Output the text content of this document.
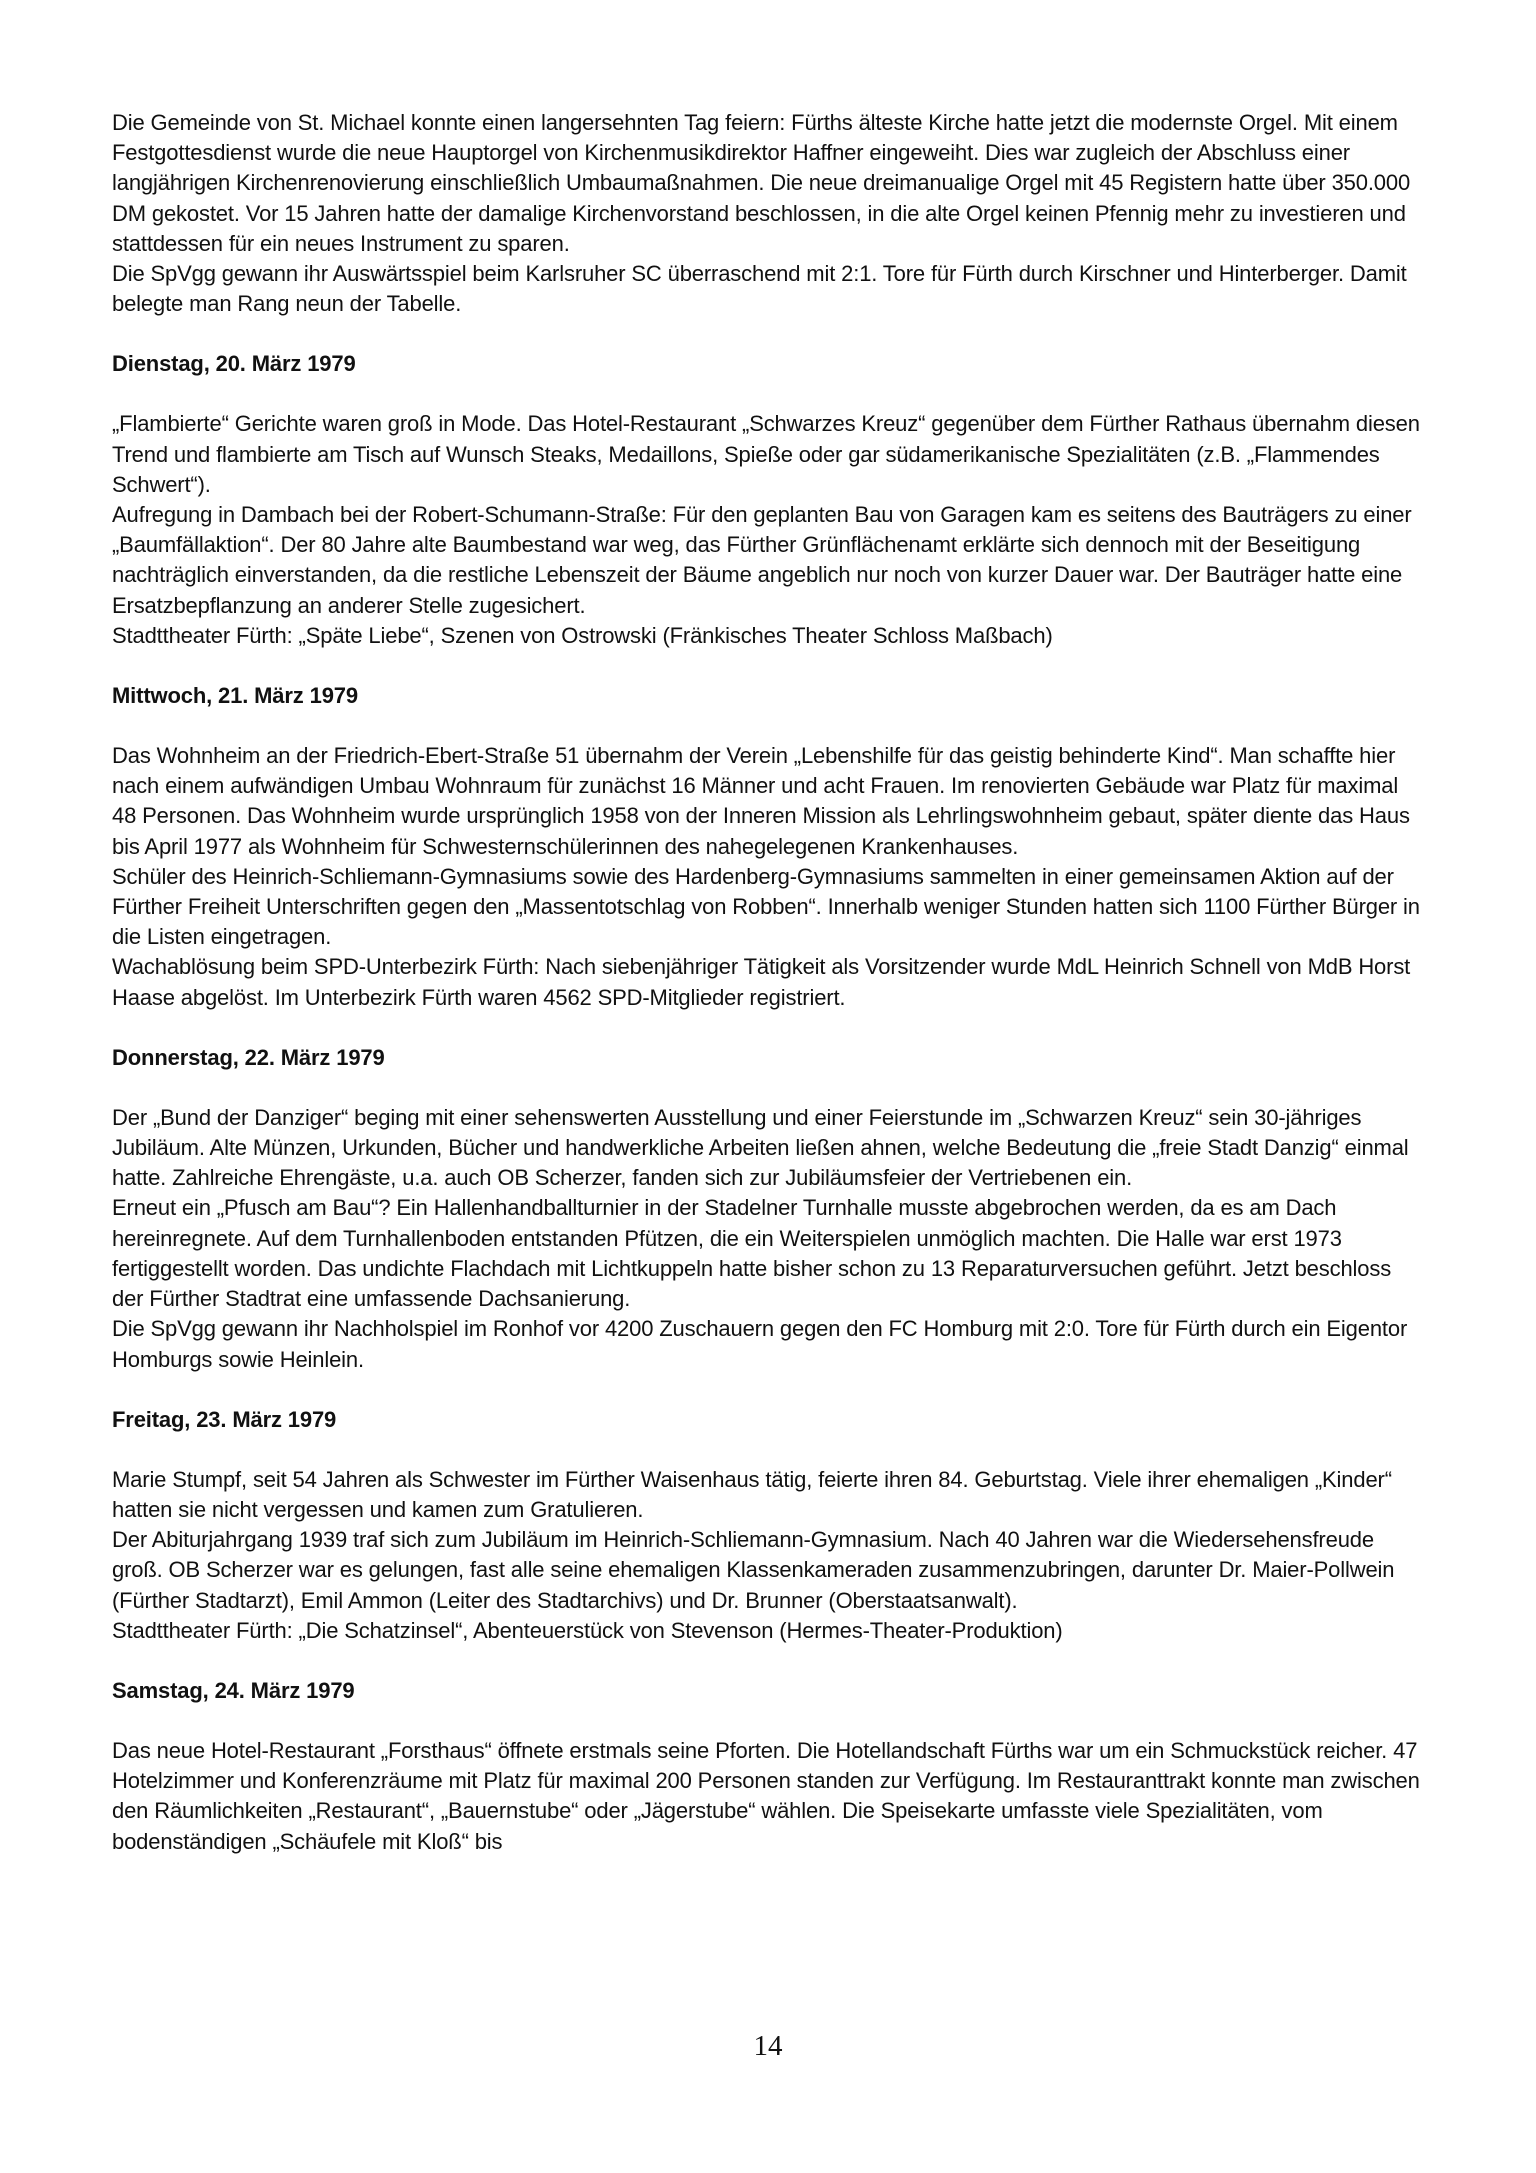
Die Gemeinde von St. Michael konnte einen langersehnten Tag feiern: Fürths älteste Kirche hatte jetzt die modernste Orgel. Mit einem Festgottesdienst wurde die neue Hauptorgel von Kirchenmusikdirektor Haffner eingeweiht. Dies war zugleich der Abschluss einer langjährigen Kirchenrenovierung einschließlich Umbaumaßnahmen. Die neue dreimanualige Orgel mit 45 Registern hatte über 350.000 DM gekostet. Vor 15 Jahren hatte der damalige Kirchenvorstand beschlossen, in die alte Orgel keinen Pfennig mehr zu investieren und stattdessen für ein neues Instrument zu sparen.

Die SpVgg gewann ihr Auswärtsspiel beim Karlsruher SC überraschend mit 2:1. Tore für Fürth durch Kirschner und Hinterberger. Damit belegte man Rang neun der Tabelle.

Dienstag, 20. März 1979

„Flambierte“ Gerichte waren groß in Mode. Das Hotel-Restaurant „Schwarzes Kreuz“ gegenüber dem Fürther Rathaus übernahm diesen Trend und flambierte am Tisch auf Wunsch Steaks, Medaillons, Spieße oder gar südamerikanische Spezialitäten (z.B. „Flammendes Schwert“).

Aufregung in Dambach bei der Robert-Schumann-Straße: Für den geplanten Bau von Garagen kam es seitens des Bauträgers zu einer „Baumfällaktion“. Der 80 Jahre alte Baumbestand war weg, das Fürther Grünflächenamt erklärte sich dennoch mit der Beseitigung nachträglich einverstanden, da die restliche Lebenszeit der Bäume angeblich nur noch von kurzer Dauer war. Der Bauträger hatte eine Ersatzbepflanzung an anderer Stelle zugesichert.

Stadttheater Fürth: „Späte Liebe“, Szenen von Ostrowski (Fränkisches Theater Schloss Maßbach)

Mittwoch, 21. März 1979

Das Wohnheim an der Friedrich-Ebert-Straße 51 übernahm der Verein „Lebenshilfe für das geistig behinderte Kind“. Man schaffte hier nach einem aufwändigen Umbau Wohnraum für zunächst 16 Männer und acht Frauen. Im renovierten Gebäude war Platz für maximal 48 Personen. Das Wohnheim wurde ursprünglich 1958 von der Inneren Mission als Lehrlingswohnheim gebaut, später diente das Haus bis April 1977 als Wohnheim für Schwesternschülerinnen des nahegelegenen Krankenhauses.

Schüler des Heinrich-Schliemann-Gymnasiums sowie des Hardenberg-Gymnasiums sammelten in einer gemeinsamen Aktion auf der Fürther Freiheit Unterschriften gegen den „Massentotschlag von Robben“. Innerhalb weniger Stunden hatten sich 1100 Fürther Bürger in die Listen eingetragen.

Wachablösung beim SPD-Unterbezirk Fürth: Nach siebenjähriger Tätigkeit als Vorsitzender wurde MdL Heinrich Schnell von MdB Horst Haase abgelöst. Im Unterbezirk Fürth waren 4562 SPD-Mitglieder registriert.

Donnerstag, 22. März 1979

Der „Bund der Danziger“ beging mit einer sehenswerten Ausstellung und einer Feierstunde im „Schwarzen Kreuz“ sein 30-jähriges Jubiläum. Alte Münzen, Urkunden, Bücher und handwerkliche Arbeiten ließen ahnen, welche Bedeutung die „freie Stadt Danzig“ einmal hatte. Zahlreiche Ehrengäste, u.a. auch OB Scherzer, fanden sich zur Jubiläumsfeier der Vertriebenen ein.

Erneut ein „Pfusch am Bau“? Ein Hallenhandballturnier in der Stadelner Turnhalle musste abgebrochen werden, da es am Dach hereinregnete. Auf dem Turnhallenboden entstanden Pfützen, die ein Weiterspielen unmöglich machten. Die Halle war erst 1973 fertiggestellt worden. Das undichte Flachdach mit Lichtkuppeln hatte bisher schon zu 13 Reparaturversuchen geführt. Jetzt beschloss der Fürther Stadtrat eine umfassende Dachsanierung.

Die SpVgg gewann ihr Nachholspiel im Ronhof vor 4200 Zuschauern gegen den FC Homburg mit 2:0. Tore für Fürth durch ein Eigentor Homburgs sowie Heinlein.

Freitag, 23. März 1979

Marie Stumpf, seit 54 Jahren als Schwester im Fürther Waisenhaus tätig, feierte ihren 84. Geburtstag. Viele ihrer ehemaligen „Kinder“ hatten sie nicht vergessen und kamen zum Gratulieren.

Der Abiturjahrgang 1939 traf sich zum Jubiläum im Heinrich-Schliemann-Gymnasium. Nach 40 Jahren war die Wiedersehensfreude groß. OB Scherzer war es gelungen, fast alle seine ehemaligen Klassenkameraden zusammenzubringen, darunter Dr. Maier-Pollwein (Fürther Stadtarzt), Emil Ammon (Leiter des Stadtarchivs) und Dr. Brunner (Oberstaatsanwalt).

Stadttheater Fürth: „Die Schatzinsel“, Abenteuerstück von Stevenson (Hermes-Theater-Produktion)

Samstag, 24. März 1979

Das neue Hotel-Restaurant „Forsthaus“ öffnete erstmals seine Pforten. Die Hotellandschaft Fürths war um ein Schmuckstück reicher. 47 Hotelzimmer und Konferenzräume mit Platz für maximal 200 Personen standen zur Verfügung. Im Restauranttrakt konnte man zwischen den Räumlichkeiten „Restaurant“, „Bauernstube“ oder „Jägerstube“ wählen. Die Speisekarte umfasste viele Spezialitäten, vom bodenständigen „Schäufele mit Kloß“ bis

14
